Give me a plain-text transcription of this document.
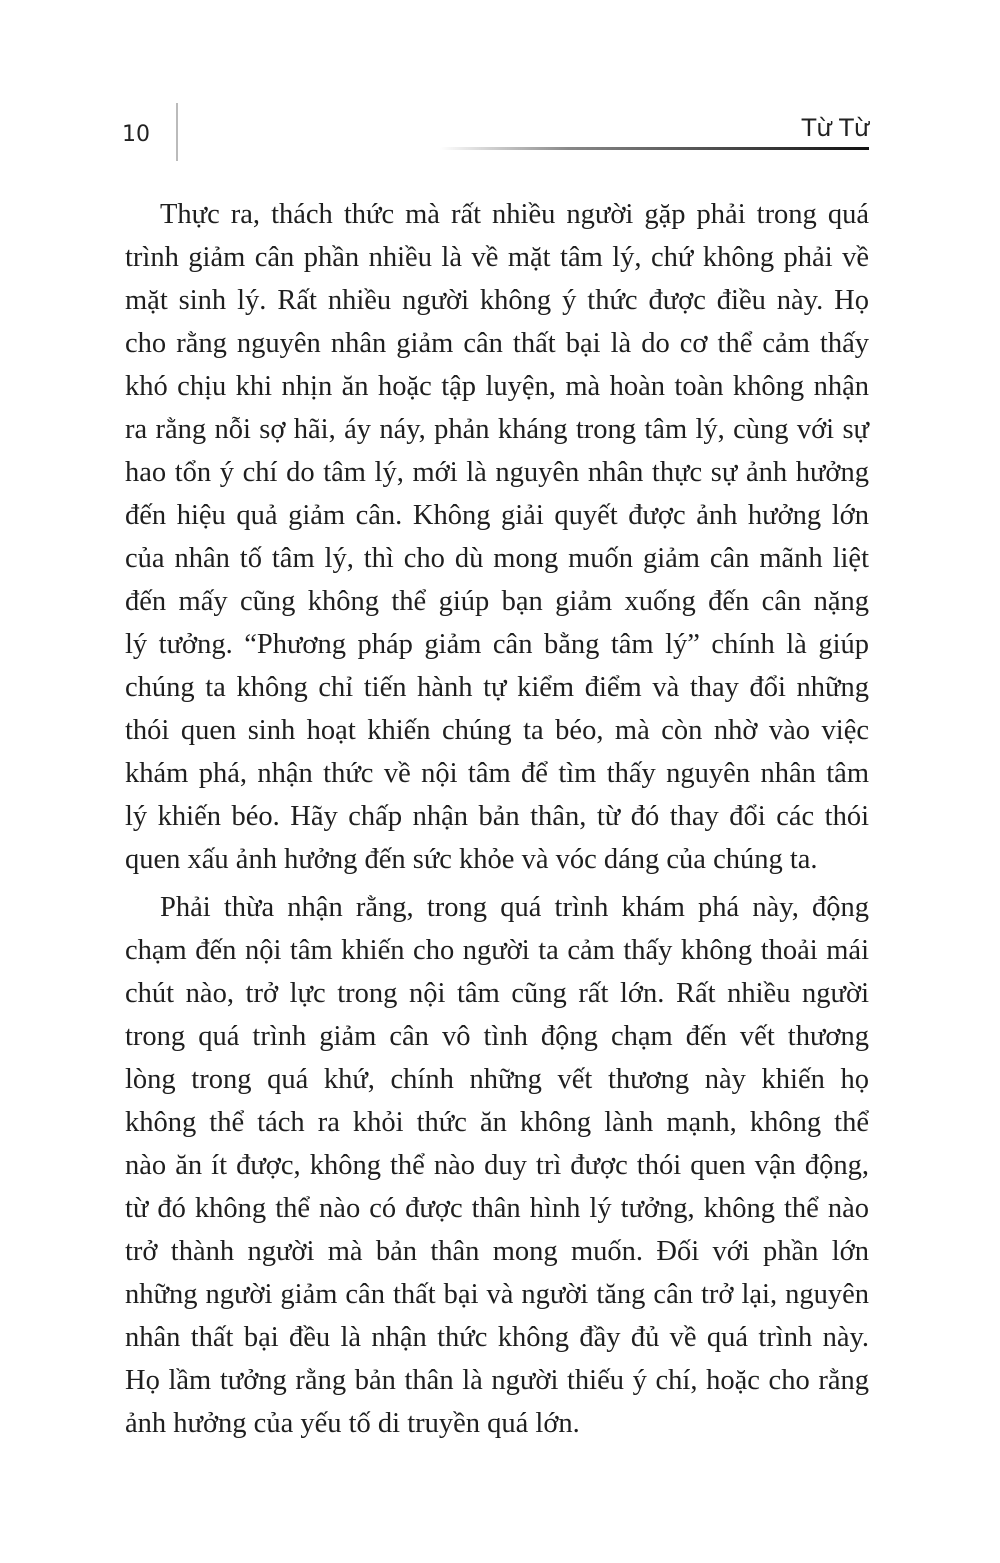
10	Từ Từ
Thực ra, thách thức mà rất nhiều người gặp phải trong quá
trình giảm cân phần nhiều là về mặt tâm lý, chứ không phải về
mặt sinh lý. Rất nhiều người không ý thức được điều này. Họ
cho rằng nguyên nhân giảm cân thất bại là do cơ thể cảm thấy
khó chịu khi nhịn ăn hoặc tập luyện, mà hoàn toàn không nhận
ra rằng nỗi sợ hãi, áy náy, phản kháng trong tâm lý, cùng với sự
hao tổn ý chí do tâm lý, mới là nguyên nhân thực sự ảnh hưởng
đến hiệu quả giảm cân. Không giải quyết được ảnh hưởng lớn
của nhân tố tâm lý, thì cho dù mong muốn giảm cân mãnh liệt
đến mấy cũng không thể giúp bạn giảm xuống đến cân nặng
lý tưởng. “Phương pháp giảm cân bằng tâm lý” chính là giúp
chúng ta không chỉ tiến hành tự kiểm điểm và thay đổi những
thói quen sinh hoạt khiến chúng ta béo, mà còn nhờ vào việc
khám phá, nhận thức về nội tâm để tìm thấy nguyên nhân tâm
lý khiến béo. Hãy chấp nhận bản thân, từ đó thay đổi các thói
quen xấu ảnh hưởng đến sức khỏe và vóc dáng của chúng ta.
Phải thừa nhận rằng, trong quá trình khám phá này, động
chạm đến nội tâm khiến cho người ta cảm thấy không thoải mái
chút nào, trở lực trong nội tâm cũng rất lớn. Rất nhiều người
trong quá trình giảm cân vô tình động chạm đến vết thương
lòng trong quá khứ, chính những vết thương này khiến họ
không thể tách ra khỏi thức ăn không lành mạnh, không thể
nào ăn ít được, không thể nào duy trì được thói quen vận động,
từ đó không thể nào có được thân hình lý tưởng, không thể nào
trở thành người mà bản thân mong muốn. Đối với phần lớn
những người giảm cân thất bại và người tăng cân trở lại, nguyên
nhân thất bại đều là nhận thức không đầy đủ về quá trình này.
Họ lầm tưởng rằng bản thân là người thiếu ý chí, hoặc cho rằng
ảnh hưởng của yếu tố di truyền quá lớn.
